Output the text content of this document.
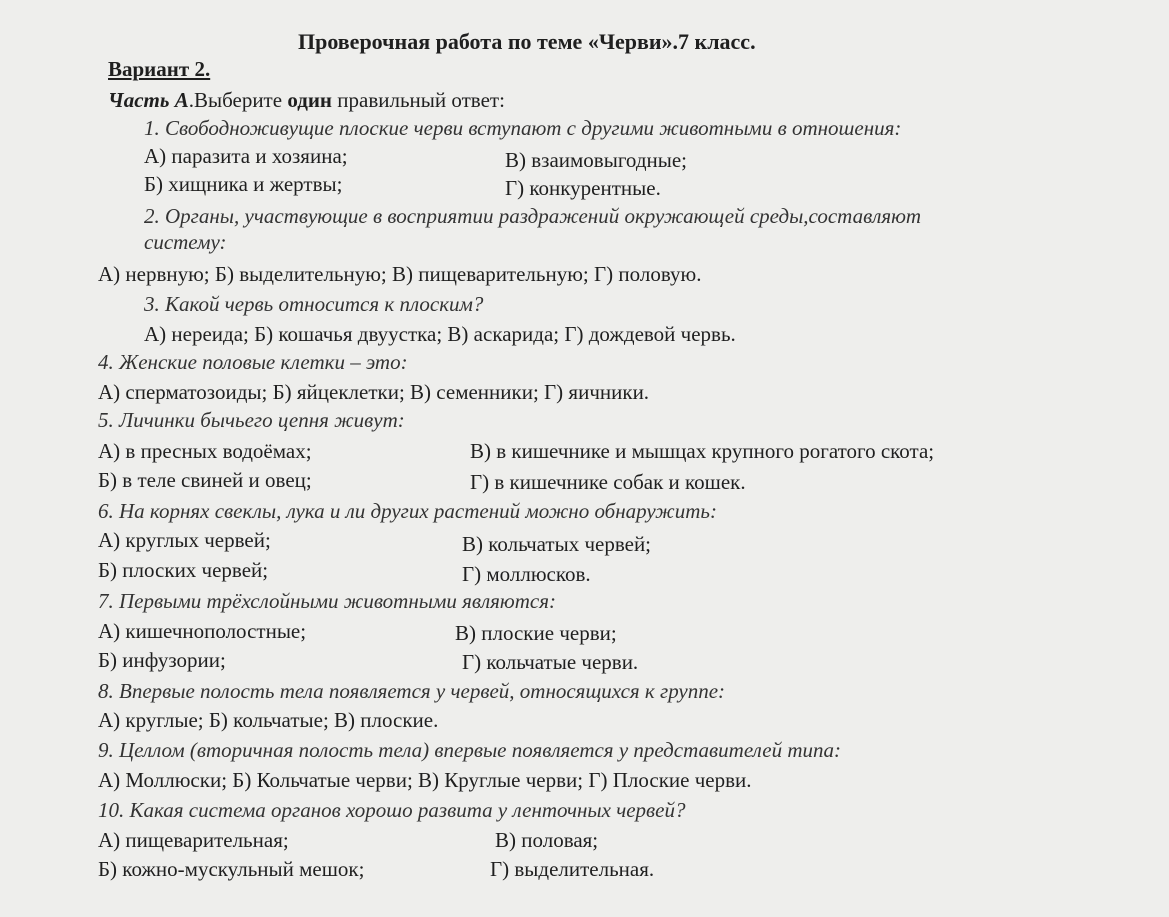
Проверочная работа по теме «Черви».7 класс.
Вариант 2.
Часть А.Выберите один правильный ответ:
1. Свободноживущие плоские черви вступают с другими животными в отношения:
А) паразита и хозяина;	В) взаимовыгодные;
Б) хищника и жертвы;	Г) конкурентные.
2. Органы, участвующие в восприятии раздражений окружающей среды,составляют
систему:
А) нервную; Б) выделительную; В) пищеварительную; Г) половую.
3. Какой червь относится к плоским?
А) нереида; Б) кошачья двуустка; В) аскарида; Г) дождевой червь.
4. Женские половые клетки – это:
А) сперматозоиды; Б) яйцеклетки; В) семенники; Г) яичники.
5. Личинки бычьего цепня живут:
А) в пресных водоёмах;	В) в кишечнике и мышцах крупного рогатого скота;
Б) в теле свиней и овец;	Г) в кишечнике собак и кошек.
6. На корнях свеклы, лука и ли других растений можно обнаружить:
А) круглых червей;	В) кольчатых червей;
Б) плоских червей;	Г) моллюсков.
7. Первыми трёхслойными животными являются:
А) кишечнополостные;	В) плоские черви;
Б) инфузории;	Г) кольчатые черви.
8. Впервые полость тела появляется у червей, относящихся к группе:
А) круглые; Б) кольчатые; В) плоские.
9. Целлом (вторичная полость тела) впервые появляется у представителей типа:
А) Моллюски; Б) Кольчатые черви; В) Круглые черви; Г) Плоские черви.
10. Какая система органов хорошо развита у ленточных червей?
А) пищеварительная;	В) половая;
Б) кожно-мускульный мешок;	Г) выделительная.
